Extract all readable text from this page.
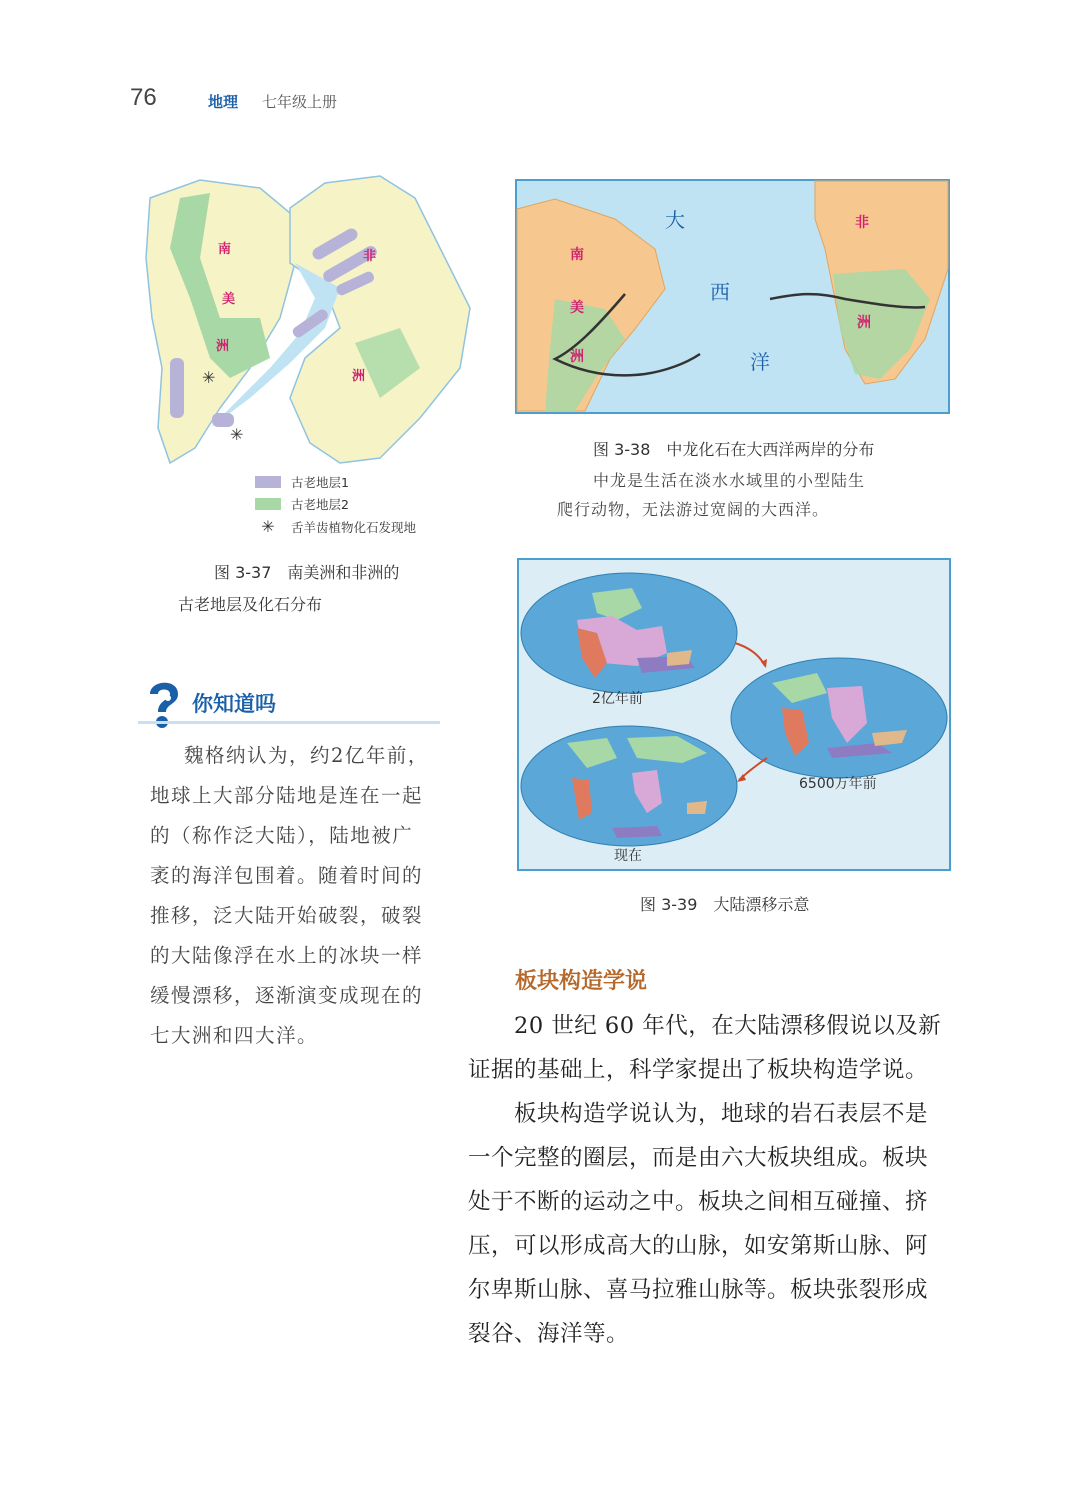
76	地理 七年级上册
南
美
洲
非
洲
✳
✳
古老地层1
古老地层2
✳	舌羊齿植物化石发现地
图 3-37　南美洲和非洲的
古老地层及化石分布
你知道吗
魏格纳认为，约2亿年前，
地球上大部分陆地是连在一起
的（称作泛大陆），陆地被广
袤的海洋包围着。随着时间的
推移，泛大陆开始破裂，破裂
的大陆像浮在水上的冰块一样
缓慢漂移，逐渐演变成现在的
七大洲和四大洋。
大
西
洋
南
美
洲
非
洲
图 3-38　中龙化石在大西洋两岸的分布
中龙是生活在淡水水域里的小型陆生
爬行动物，无法游过宽阔的大西洋。
2亿年前
6500万年前
现在
图 3-39　大陆漂移示意
板块构造学说
20 世纪 60 年代，在大陆漂移假说以及新
证据的基础上，科学家提出了板块构造学说。
板块构造学说认为，地球的岩石表层不是
一个完整的圈层，而是由六大板块组成。板块
处于不断的运动之中。板块之间相互碰撞、挤
压，可以形成高大的山脉，如安第斯山脉、阿
尔卑斯山脉、喜马拉雅山脉等。板块张裂形成
裂谷、海洋等。
